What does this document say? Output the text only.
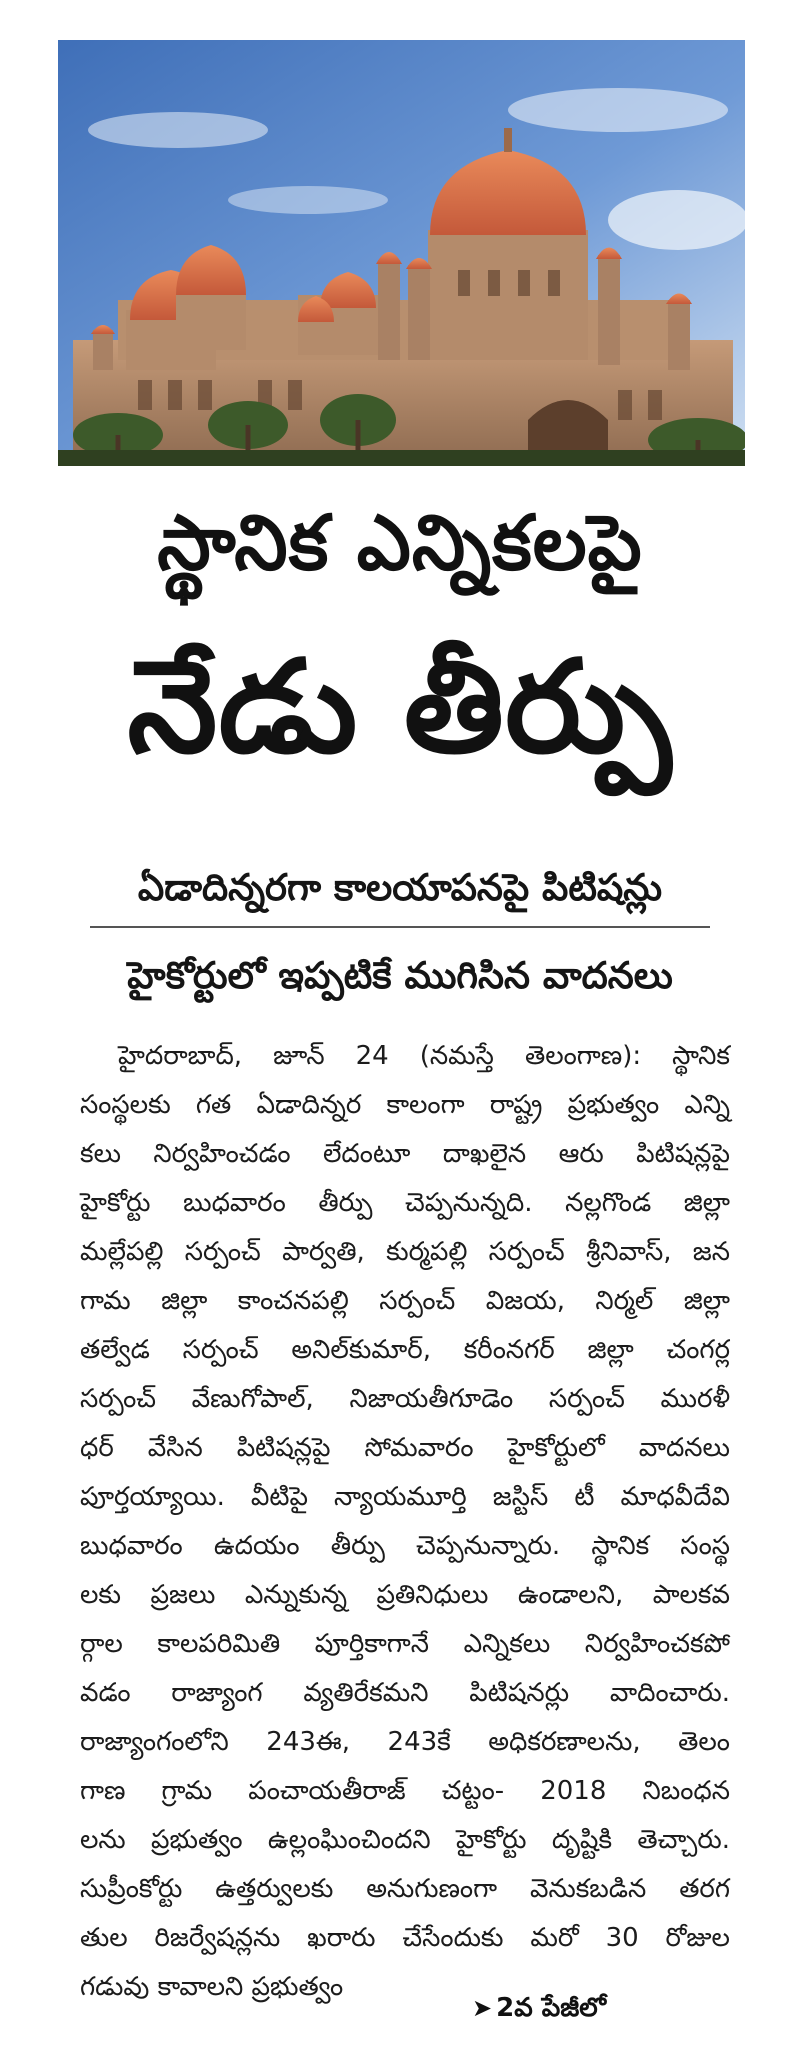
స్థానిక ఎన్నికలపై
నేడు తీర్పు
ఏడాదిన్నరగా కాలయాపనపై పిటిషన్లు
హైకోర్టులో ఇప్పటికే ముగిసిన వాదనలు
హైదరాబాద్, జూన్ 24 (నమస్తే తెలంగాణ): స్థానిక
సంస్థలకు గత ఏడాదిన్నర కాలంగా రాష్ట్ర ప్రభుత్వం ఎన్ని
కలు నిర్వహించడం లేదంటూ దాఖలైన ఆరు పిటిషన్లపై
హైకోర్టు బుధవారం తీర్పు చెప్పనున్నది. నల్లగొండ జిల్లా
మల్లేపల్లి సర్పంచ్ పార్వతి, కుర్మపల్లి సర్పంచ్ శ్రీనివాస్, జన
గామ జిల్లా కాంచనపల్లి సర్పంచ్ విజయ, నిర్మల్ జిల్లా
తల్వేడ సర్పంచ్ అనిల్‌కుమార్, కరీంనగర్ జిల్లా చంగర్ల
సర్పంచ్ వేణుగోపాల్, నిజాయతీగూడెం సర్పంచ్ మురళీ
ధర్ వేసిన పిటిషన్లపై సోమవారం హైకోర్టులో వాదనలు
పూర్తయ్యాయి. వీటిపై న్యాయమూర్తి జస్టిస్ టీ మాధవీదేవి
బుధవారం ఉదయం తీర్పు చెప్పనున్నారు. స్థానిక సంస్థ
లకు ప్రజలు ఎన్నుకున్న ప్రతినిధులు ఉండాలని, పాలకవ
ర్గాల కాలపరిమితి పూర్తికాగానే ఎన్నికలు నిర్వహించకపో
వడం రాజ్యాంగ వ్యతిరేకమని పిటిషనర్లు వాదించారు.
రాజ్యాంగంలోని 243ఈ, 243కే అధికరణాలను, తెలం
గాణ గ్రామ పంచాయతీరాజ్ చట్టం- 2018 నిబంధన
లను ప్రభుత్వం ఉల్లంఘించిందని హైకోర్టు దృష్టికి తెచ్చారు.
సుప్రీంకోర్టు ఉత్తర్వులకు అనుగుణంగా వెనుకబడిన తరగ
తుల రిజర్వేషన్లను ఖరారు చేసేందుకు మరో 30 రోజుల
గడువు కావాలని ప్రభుత్వం
➤ 2వ పేజీలో
